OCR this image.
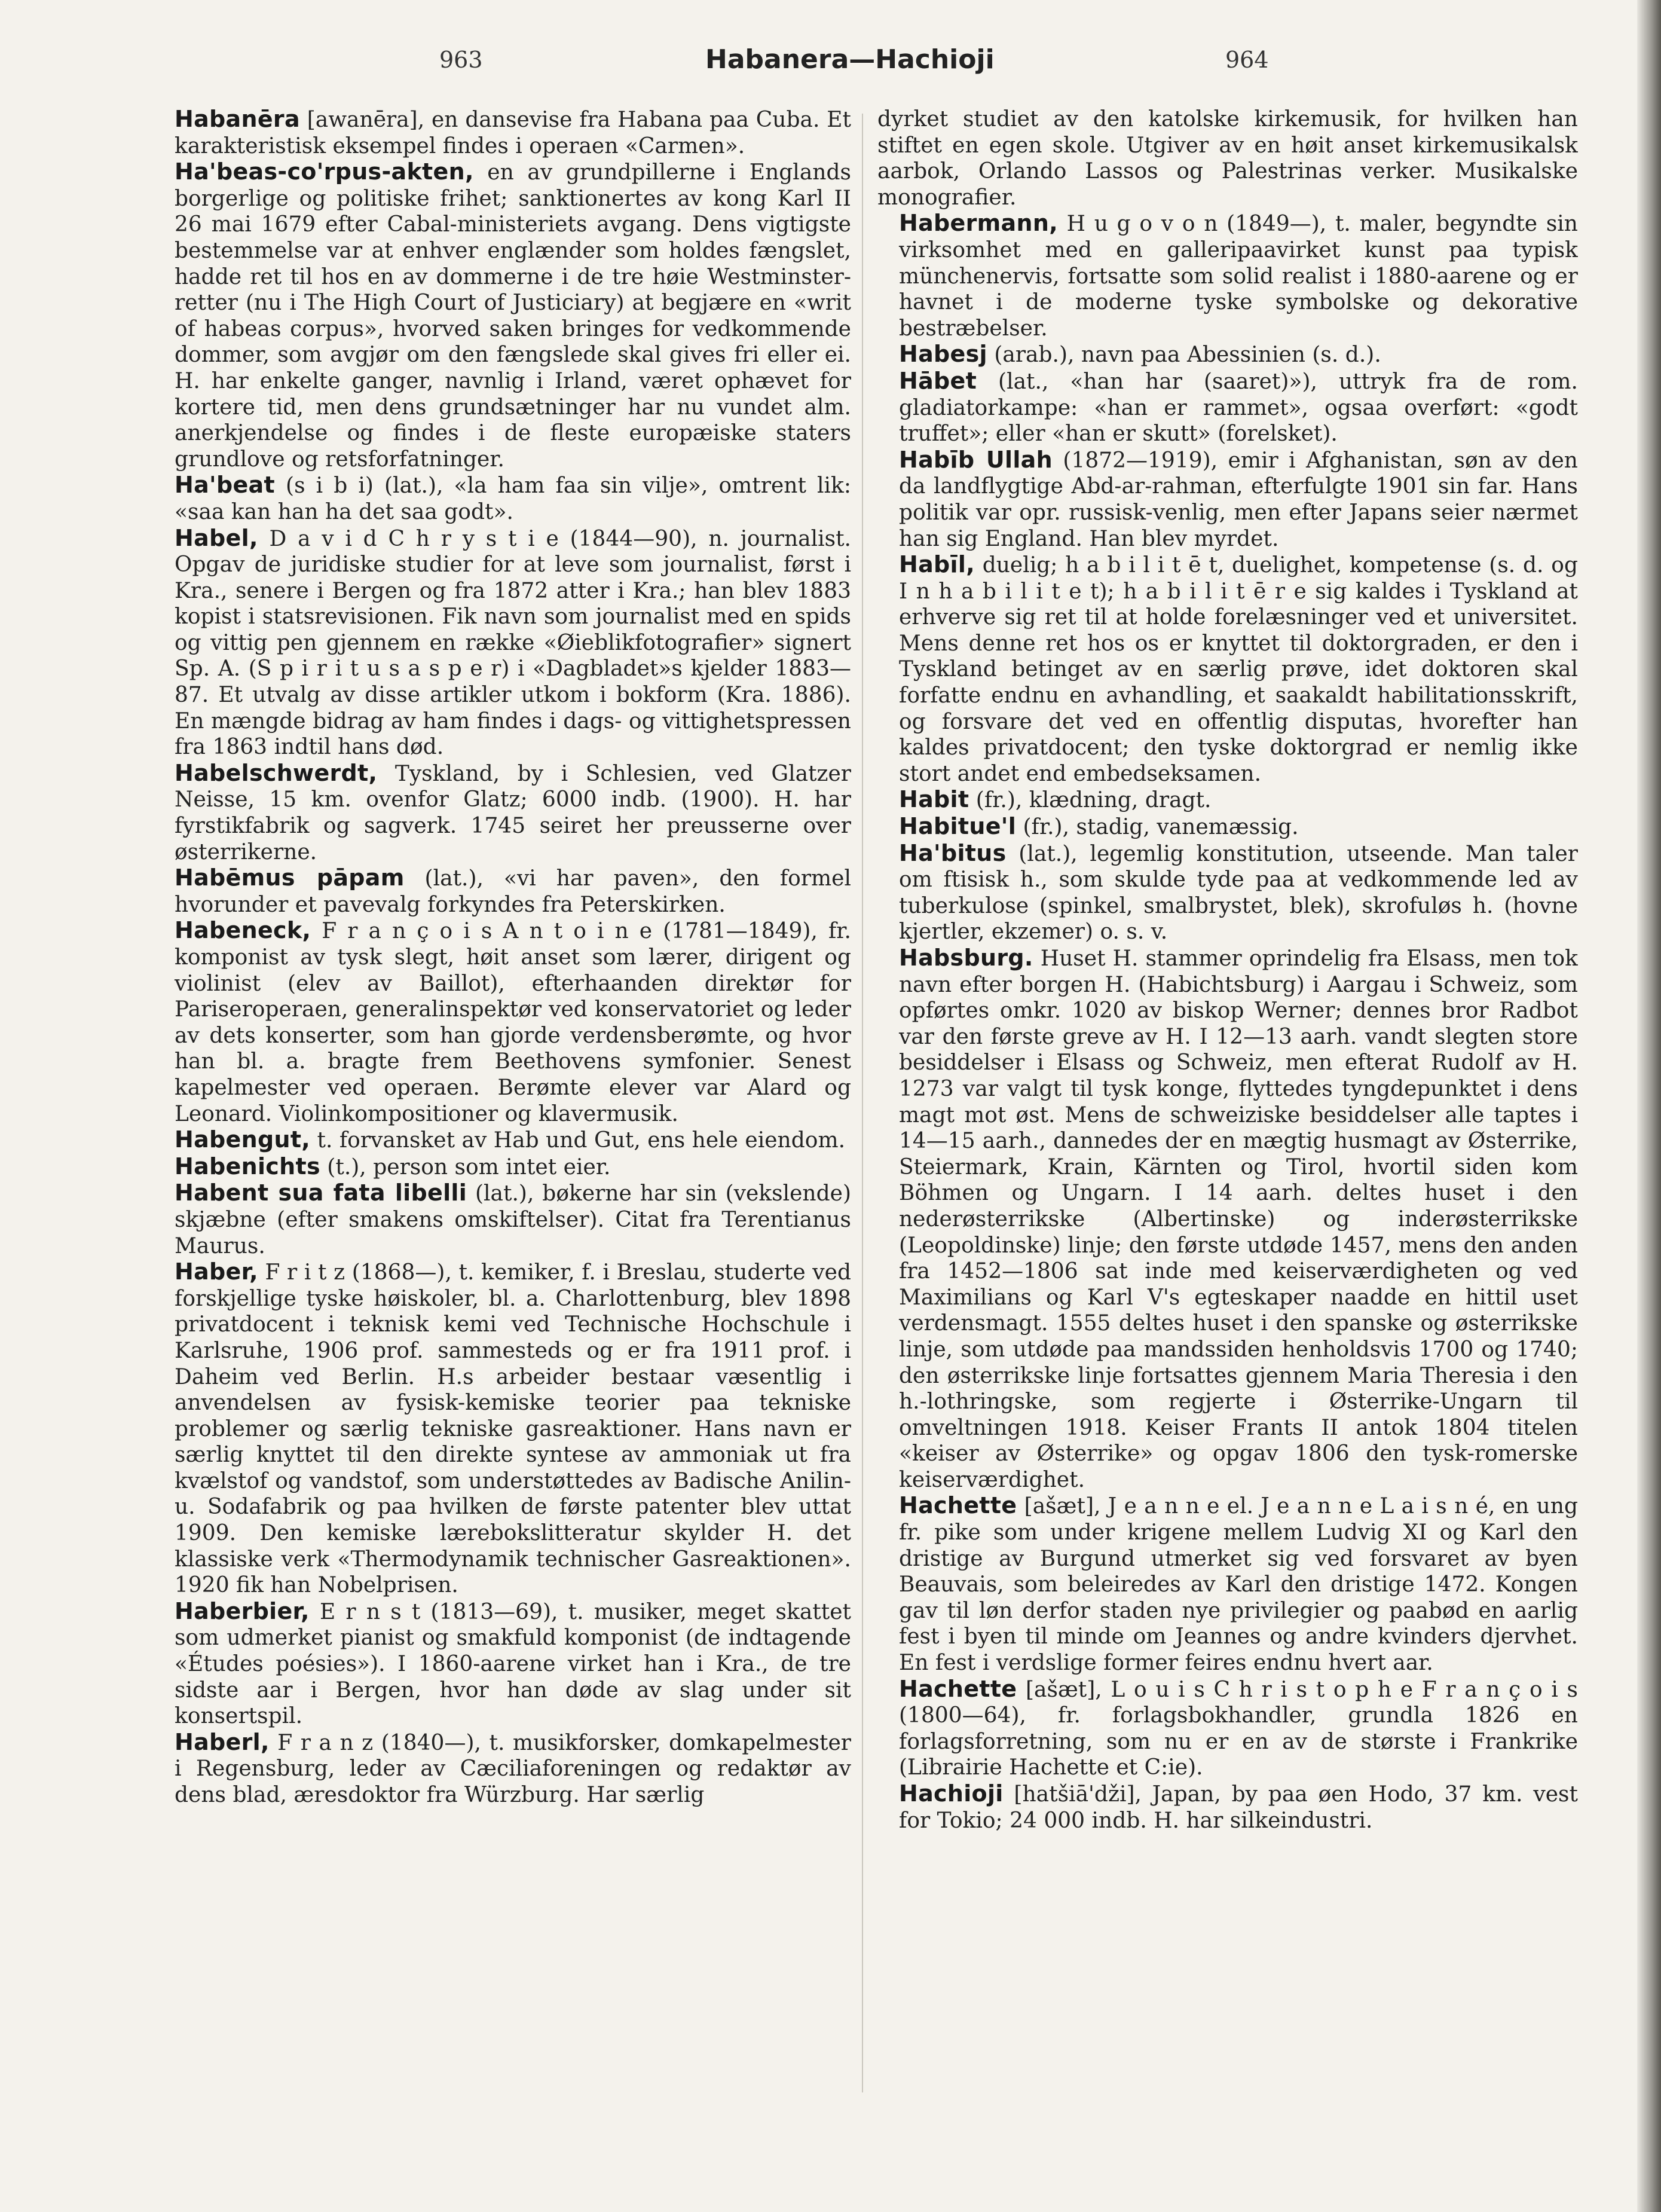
963	Habanera—Hachioji	964

Habanēra [awanēra], en dansevise fra Habana paa Cuba. Et karakteristisk eksempel findes i operaen «Carmen».

Ha'beas-co'rpus-akten, en av grundpillerne i Englands borgerlige og politiske frihet; sanktionertes av kong Karl II 26 mai 1679 efter Cabal-ministeriets avgang. Dens vigtigste bestemmelse var at enhver englænder som holdes fængslet, hadde ret til hos en av dommerne i de tre høie Westminster-retter (nu i The High Court of Justiciary) at begjære en «writ of habeas corpus», hvorved saken bringes for vedkommende dommer, som avgjør om den fængslede skal gives fri eller ei. H. har enkelte ganger, navnlig i Irland, været ophævet for kortere tid, men dens grundsætninger har nu vundet alm. anerkjendelse og findes i de fleste europæiske staters grundlove og retsforfatninger.

Ha'beat (s i b i) (lat.), «la ham faa sin vilje», omtrent lik: «saa kan han ha det saa godt».

Habel, D a v i d C h r y s t i e (1844—90), n. journalist. Opgav de juridiske studier for at leve som journalist, først i Kra., senere i Bergen og fra 1872 atter i Kra.; han blev 1883 kopist i statsrevisionen. Fik navn som journalist med en spids og vittig pen gjennem en række «Øieblikfotografier» signert Sp. A. (S p i r i t u s a s p e r) i «Dagbladet»s kjelder 1883—87. Et utvalg av disse artikler utkom i bokform (Kra. 1886). En mængde bidrag av ham findes i dags- og vittighetspressen fra 1863 indtil hans død.

Habelschwerdt, Tyskland, by i Schlesien, ved Glatzer Neisse, 15 km. ovenfor Glatz; 6000 indb. (1900). H. har fyrstikfabrik og sagverk. 1745 seiret her preusserne over østerrikerne.

Habēmus pāpam (lat.), «vi har paven», den formel hvorunder et pavevalg forkyndes fra Peterskirken.

Habeneck, F r a n ç o i s A n t o i n e (1781—1849), fr. komponist av tysk slegt, høit anset som lærer, dirigent og violinist (elev av Baillot), efterhaanden direktør for Pariseroperaen, generalinspektør ved konservatoriet og leder av dets konserter, som han gjorde verdensberømte, og hvor han bl. a. bragte frem Beethovens symfonier. Senest kapelmester ved operaen. Berømte elever var Alard og Leonard. Violinkompositioner og klavermusik.

Habengut, t. forvansket av Hab und Gut, ens hele eiendom.

Habenichts (t.), person som intet eier.

Habent sua fata libelli (lat.), bøkerne har sin (vekslende) skjæbne (efter smakens omskiftelser). Citat fra Terentianus Maurus.

Haber, F r i t z (1868—), t. kemiker, f. i Breslau, studerte ved forskjellige tyske høiskoler, bl. a. Charlottenburg, blev 1898 privatdocent i teknisk kemi ved Technische Hochschule i Karlsruhe, 1906 prof. sammesteds og er fra 1911 prof. i Daheim ved Berlin. H.s arbeider bestaar væsentlig i anvendelsen av fysisk-kemiske teorier paa tekniske problemer og særlig tekniske gasreaktioner. Hans navn er særlig knyttet til den direkte syntese av ammoniak ut fra kvælstof og vandstof, som understøttedes av Badische Anilin- u. Sodafabrik og paa hvilken de første patenter blev uttat 1909. Den kemiske lærebokslitteratur skylder H. det klassiske verk «Thermodynamik technischer Gasreaktionen». 1920 fik han Nobelprisen.

Haberbier, E r n s t (1813—69), t. musiker, meget skattet som udmerket pianist og smakfuld komponist (de indtagende «Études poésies»). I 1860-aarene virket han i Kra., de tre sidste aar i Bergen, hvor han døde av slag under sit konsertspil.

Haberl, F r a n z (1840—), t. musikforsker, domkapelmester i Regensburg, leder av Cæciliaforeningen og redaktør av dens blad, æresdoktor fra Würzburg. Har særlig

dyrket studiet av den katolske kirkemusik, for hvilken han stiftet en egen skole. Utgiver av en høit anset kirkemusikalsk aarbok, Orlando Lassos og Palestrinas verker. Musikalske monografier.

Habermann, H u g o v o n (1849—), t. maler, begyndte sin virksomhet med en galleripaavirket kunst paa typisk münchenervis, fortsatte som solid realist i 1880-aarene og er havnet i de moderne tyske symbolske og dekorative bestræbelser.

Habesj (arab.), navn paa Abessinien (s. d.).

Hābet (lat., «han har (saaret)»), uttryk fra de rom. gladiatorkampe: «han er rammet», ogsaa overført: «godt truffet»; eller «han er skutt» (forelsket).

Habīb Ullah (1872—1919), emir i Afghanistan, søn av den da landflygtige Abd-ar-rahman, efterfulgte 1901 sin far. Hans politik var opr. russisk-venlig, men efter Japans seier nærmet han sig England. Han blev myrdet.

Habīl, duelig; h a b i l i t ē t, duelighet, kompetense (s. d. og I n h a b i l i t e t); h a b i l i t ē r e sig kaldes i Tyskland at erhverve sig ret til at holde forelæsninger ved et universitet. Mens denne ret hos os er knyttet til doktorgraden, er den i Tyskland betinget av en særlig prøve, idet doktoren skal forfatte endnu en avhandling, et saakaldt habilitationsskrift, og forsvare det ved en offentlig disputas, hvorefter han kaldes privatdocent; den tyske doktorgrad er nemlig ikke stort andet end embedseksamen.

Habit (fr.), klædning, dragt.

Habitue'l (fr.), stadig, vanemæssig.

Ha'bitus (lat.), legemlig konstitution, utseende. Man taler om ftisisk h., som skulde tyde paa at vedkommende led av tuberkulose (spinkel, smalbrystet, blek), skrofuløs h. (hovne kjertler, ekzemer) o. s. v.

Habsburg. Huset H. stammer oprindelig fra Elsass, men tok navn efter borgen H. (Habichtsburg) i Aargau i Schweiz, som opførtes omkr. 1020 av biskop Werner; dennes bror Radbot var den første greve av H. I 12—13 aarh. vandt slegten store besiddelser i Elsass og Schweiz, men efterat Rudolf av H. 1273 var valgt til tysk konge, flyttedes tyngdepunktet i dens magt mot øst. Mens de schweiziske besiddelser alle taptes i 14—15 aarh., dannedes der en mægtig husmagt av Østerrike, Steiermark, Krain, Kärnten og Tirol, hvortil siden kom Böhmen og Ungarn. I 14 aarh. deltes huset i den nederøsterrikske (Albertinske) og inderøsterrikske (Leopoldinske) linje; den første utdøde 1457, mens den anden fra 1452—1806 sat inde med keiserværdigheten og ved Maximilians og Karl V's egteskaper naadde en hittil uset verdensmagt. 1555 deltes huset i den spanske og østerrikske linje, som utdøde paa mandssiden henholdsvis 1700 og 1740; den østerrikske linje fortsattes gjennem Maria Theresia i den h.-lothringske, som regjerte i Østerrike-Ungarn til omveltningen 1918. Keiser Frants II antok 1804 titelen «keiser av Østerrike» og opgav 1806 den tysk-romerske keiserværdighet.

Hachette [ašæt], J e a n n e el. J e a n n e L a i s n é, en ung fr. pike som under krigene mellem Ludvig XI og Karl den dristige av Burgund utmerket sig ved forsvaret av byen Beauvais, som beleiredes av Karl den dristige 1472. Kongen gav til løn derfor staden nye privilegier og paabød en aarlig fest i byen til minde om Jeannes og andre kvinders djervhet. En fest i verdslige former feires endnu hvert aar.

Hachette [ašæt], L o u i s C h r i s t o p h e F r a n ç o i s (1800—64), fr. forlagsbokhandler, grundla 1826 en forlagsforretning, som nu er en av de største i Frankrike (Librairie Hachette et C:ie).

Hachioji [hatšiā'dži], Japan, by paa øen Hodo, 37 km. vest for Tokio; 24 000 indb. H. har silkeindustri.
